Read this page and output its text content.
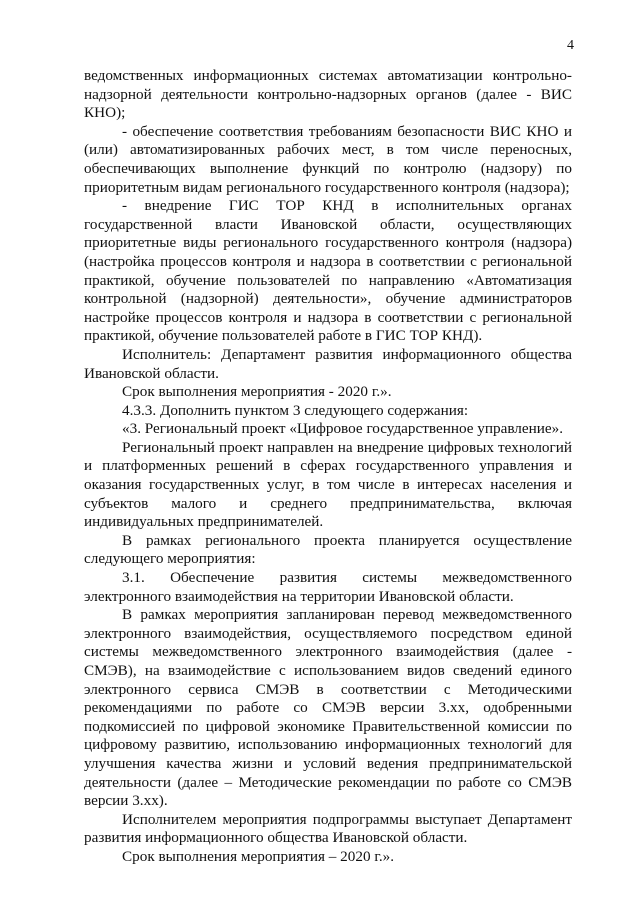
4

ведомственных информационных системах автоматизации контрольно-надзорной деятельности контрольно-надзорных органов (далее - ВИС КНО);

- обеспечение соответствия требованиям безопасности ВИС КНО и (или) автоматизированных рабочих мест, в том числе переносных, обеспечивающих выполнение функций по контролю (надзору) по приоритетным видам регионального государственного контроля (надзора);

- внедрение ГИС ТОР КНД в исполнительных органах государственной власти Ивановской области, осуществляющих приоритетные виды регионального государственного контроля (надзора) (настройка процессов контроля и надзора в соответствии с региональной практикой, обучение пользователей по направлению «Автоматизация контрольной (надзорной) деятельности», обучение администраторов настройке процессов контроля и надзора в соответствии с региональной практикой, обучение пользователей работе в ГИС ТОР КНД).

Исполнитель: Департамент развития информационного общества Ивановской области.

Срок выполнения мероприятия - 2020 г.».

4.3.3. Дополнить пунктом 3 следующего содержания:

«3. Региональный проект «Цифровое государственное управление».

Региональный проект направлен на внедрение цифровых технологий и платформенных решений в сферах государственного управления и оказания государственных услуг, в том числе в интересах населения и субъектов малого и среднего предпринимательства, включая индивидуальных предпринимателей.

В рамках регионального проекта планируется осуществление следующего мероприятия:

3.1. Обеспечение развития системы межведомственного электронного взаимодействия на территории Ивановской области.

В рамках мероприятия запланирован перевод межведомственного электронного взаимодействия, осуществляемого посредством единой системы межведомственного электронного взаимодействия (далее - СМЭВ), на взаимодействие с использованием видов сведений единого электронного сервиса СМЭВ в соответствии с Методическими рекомендациями по работе со СМЭВ версии 3.xx, одобренными подкомиссией по цифровой экономике Правительственной комиссии по цифровому развитию, использованию информационных технологий для улучшения качества жизни и условий ведения предпринимательской деятельности (далее – Методические рекомендации по работе со СМЭВ версии 3.xx).

Исполнителем мероприятия подпрограммы выступает Департамент развития информационного общества Ивановской области.

Срок выполнения мероприятия – 2020 г.».
